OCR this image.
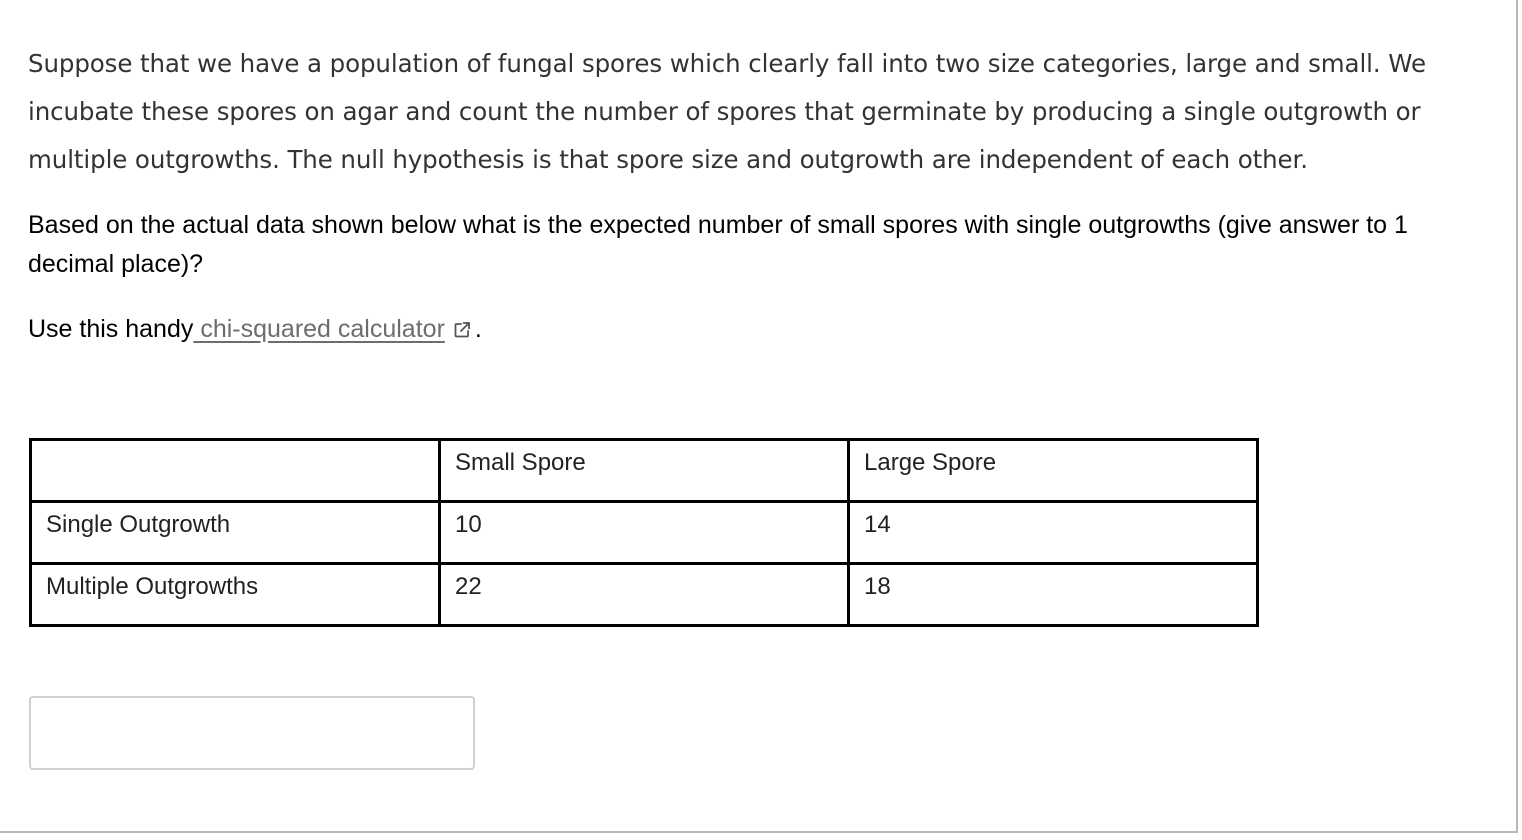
Suppose that we have a population of fungal spores which clearly fall into two size categories, large and small. We
incubate these spores on agar and count the number of spores that germinate by producing a single outgrowth or
multiple outgrowths. The null hypothesis is that spore size and outgrowth are independent of each other.

Based on the actual data shown below what is the expected number of small spores with single outgrowths (give answer to 1 decimal place)?

Use this handy chi-squared calculator .

	Small Spore	Large Spore

Single Outgrowth	10	14

Multiple Outgrowths	22	18
